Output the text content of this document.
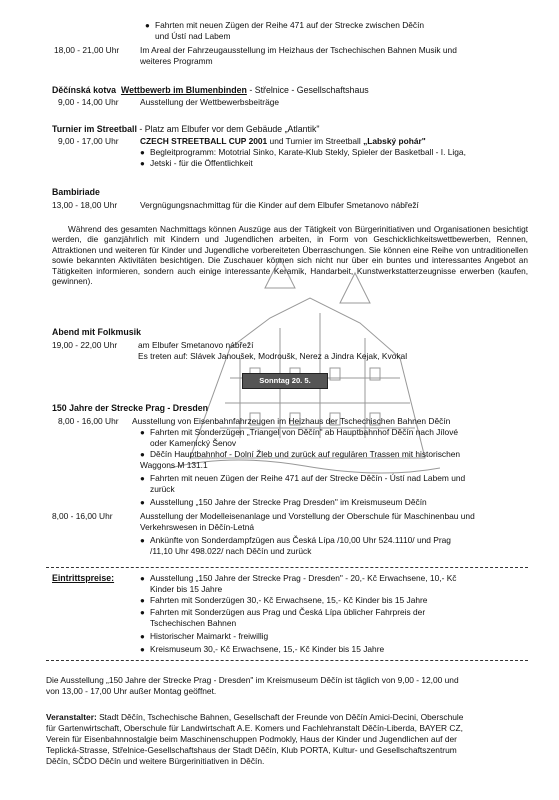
● Fahrten mit neuen Zügen der Reihe 471 auf der Strecke zwischen Děčín
und Ústí nad Labem
18,00 - 21,00 Uhr Im Areal der Fahrzeugausstellung im Heizhaus der Tschechischen Bahnen Musik und
weiteres Programm
Děčínská kotva Wettbewerb im Blumenbinden - Střelnice - Gesellschaftshaus
9,00 - 14,00 Uhr	Ausstellung der Wettbewerbsbeiträge
Turnier im Streetball - Platz am Elbufer vor dem Gebäude „Atlantik"
9,00 - 17,00 Uhr	CZECH STREETBALL CUP 2001 und Turnier im Streetball „Labský pohár"
● Begleitprogramm: Mototrial Sinko, Karate-Klub Stekly, Spieler der Basketball - I. Liga,
● Jetski - für die Öffentlichkeit
Bambiriade
13,00 - 18,00 Uhr	Vergnügungsnachmittag für die Kinder auf dem Elbufer Smetanovo nábřeží
Während des gesamten Nachmittags können Auszüge aus der Tätigkeit von Bürgerinitiativen und Organisationen besichtigt werden, die ganzjährlich mit Kindern und Jugendlichen arbeiten, in Form von Geschicklichkeitswettbewerben, Rennen, Attraktionen und weiteren für Kinder und Jugendliche vorbereiteten Überraschungen. Sie können eine Reihe von untraditionellen sowie bekannten Aktivitäten besichtigen. Die Zuschauer können sich nicht nur über ein buntes und interessantes Angebot an Tätigkeiten informieren, sondern auch einige interessante Keramik, Handarbeit, Kunstwerkstatterzeugnisse erwerben (kaufen, gewinnen).
Abend mit Folkmusik
19,00 - 22,00 Uhr am Elbufer Smetanovo nábřeží
Es treten auf: Slávek Janoušek, Modroušk, Nerez a Jindra Kejak, Kvokal
Sonntag 20. 5.
150 Jahre der Strecke Prag - Dresden
8,00 - 16,00 Uhr Ausstellung von Eisenbahnfahrzeugen im Heizhaus der Tschechischen Bahnen Děčín
● Fahrten mit Sonderzügen „Triangel von Děčín" ab Hauptbahnhof Děčín nach Jílové
oder Kamenický Šenov
● Děčín Hauptbahnhof - Dolní Žleb und zurück auf regulären Trassen mit historischen
Waggons M 131.1
● Fahrten mit neuen Zügen der Reihe 471 auf der Strecke Děčín - Ústí nad Labem und
zurück
● Ausstellung „150 Jahre der Strecke Prag Dresden" im Kreismuseum Děčín
8,00 - 16,00 Uhr	Ausstellung der Modelleisenanlage und Vorstellung der Oberschule für Maschinenbau und
Verkehrswesen in Děčín-Letná
● Ankünfte von Sonderdampfzügen aus Česká Lípa /10,00 Uhr 524.1110/ und Prag
/11,10 Uhr 498.022/ nach Děčín und zurück
Eintrittspreise:	● Ausstellung „150 Jahre der Strecke Prag - Dresden" - 20,- Kč Erwachsene, 10,- Kč
Kinder bis 15 Jahre
● Fahrten mit Sonderzügen 30,- Kč Erwachsene, 15,- Kč Kinder bis 15 Jahre
● Fahrten mit Sonderzügen aus Prag und Česká Lípa üblicher Fahrpreis der
Tschechischen Bahnen
● Historischer Maimarkt - freiwillig
● Kreismuseum 30,- Kč Erwachsene, 15,- Kč Kinder bis 15 Jahre
Die Ausstellung „150 Jahre der Strecke Prag - Dresden" im Kreismuseum Děčín ist täglich von 9,00 - 12,00 und
von 13,00 - 17,00 Uhr außer Montag geöffnet.
Veranstalter: Stadt Děčín, Tschechische Bahnen, Gesellschaft der Freunde von Děčín Amici-Decini, Oberschule
für Gartenwirtschaft, Oberschule für Landwirtschaft A.E. Komers und Fachlehranstalt Děčín-Liberda, BAYER CZ,
Verein für Eisenbahnnostalgie beim Maschinenschuppen Podmokly, Haus der Kinder und Jugendlichen auf der
Teplická-Strasse, Střelnice-Gesellschaftshaus der Stadt Děčín, Klub PORTA, Kultur- und Gesellschaftszentrum
Děčín, SČDO Děčín und weitere Bürgerinitiativen in Děčín.
